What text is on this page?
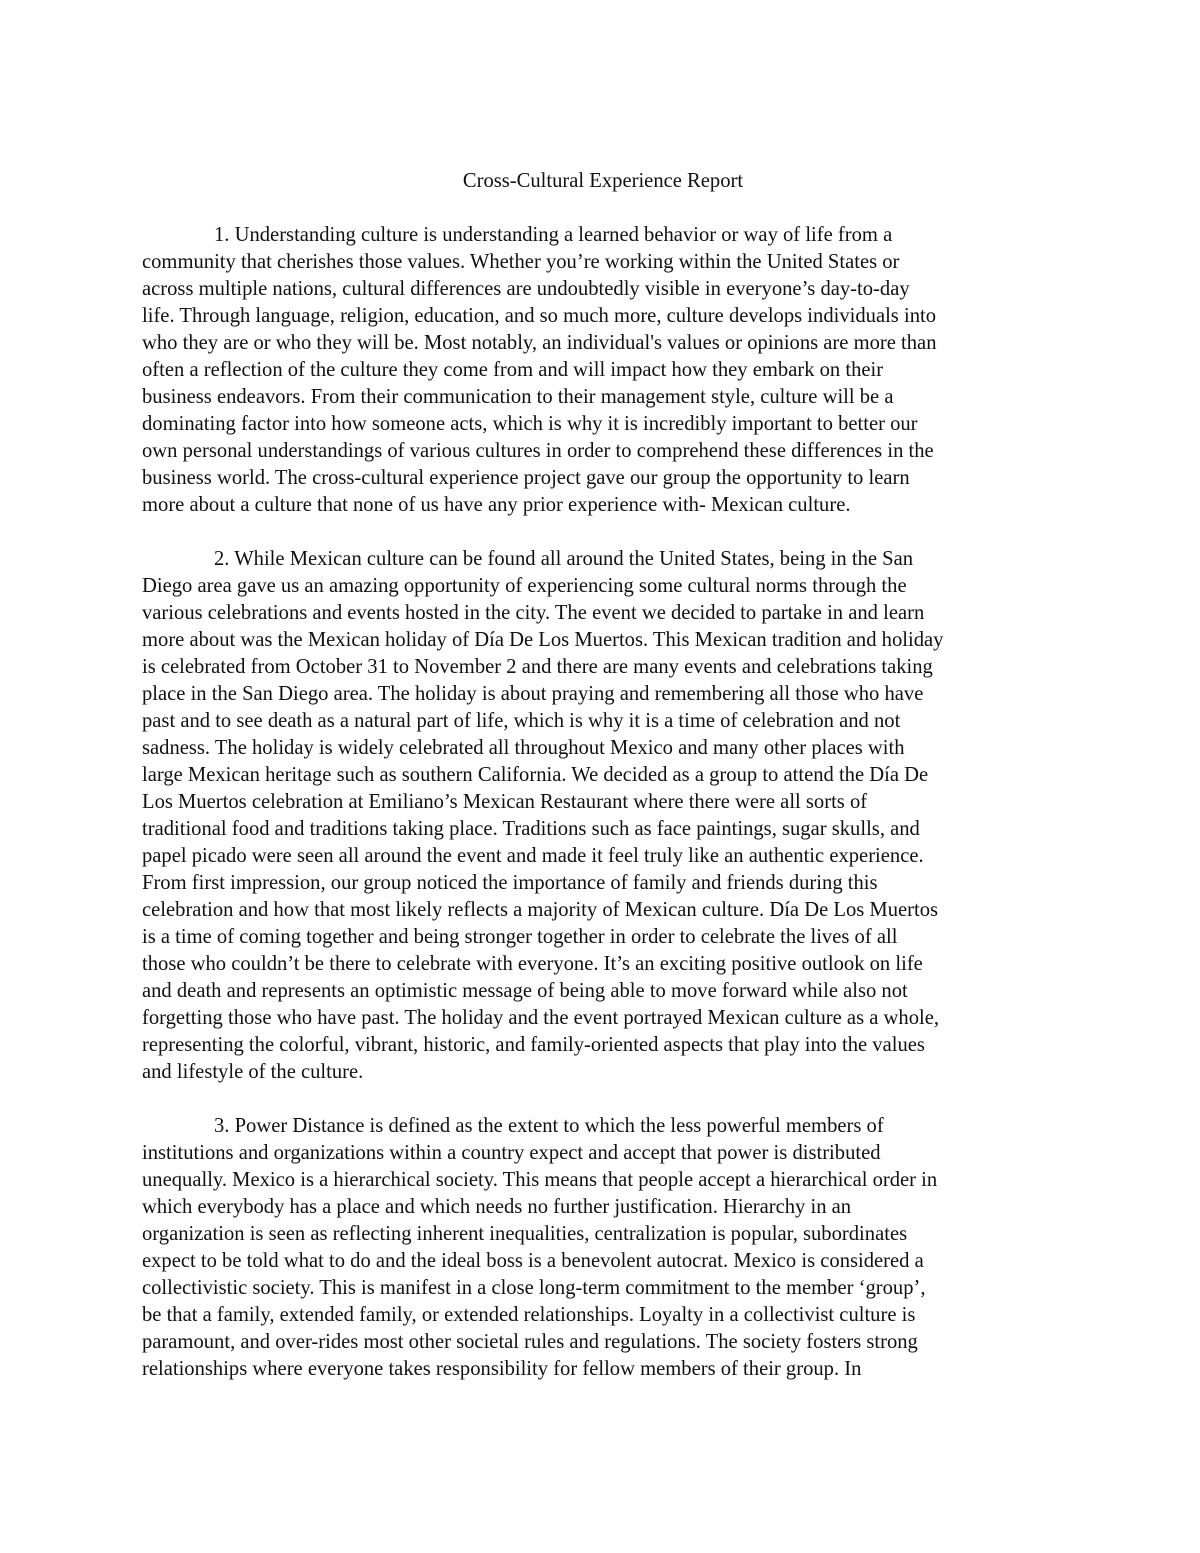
Cross-Cultural Experience Report

1. Understanding culture is understanding a learned behavior or way of life from a
community that cherishes those values. Whether you’re working within the United States or
across multiple nations, cultural differences are undoubtedly visible in everyone’s day-to-day
life. Through language, religion, education, and so much more, culture develops individuals into
who they are or who they will be. Most notably, an individual's values or opinions are more than
often a reflection of the culture they come from and will impact how they embark on their
business endeavors. From their communication to their management style, culture will be a
dominating factor into how someone acts, which is why it is incredibly important to better our
own personal understandings of various cultures in order to comprehend these differences in the
business world. The cross-cultural experience project gave our group the opportunity to learn
more about a culture that none of us have any prior experience with- Mexican culture.

2. While Mexican culture can be found all around the United States, being in the San
Diego area gave us an amazing opportunity of experiencing some cultural norms through the
various celebrations and events hosted in the city. The event we decided to partake in and learn
more about was the Mexican holiday of Día De Los Muertos. This Mexican tradition and holiday
is celebrated from October 31 to November 2 and there are many events and celebrations taking
place in the San Diego area. The holiday is about praying and remembering all those who have
past and to see death as a natural part of life, which is why it is a time of celebration and not
sadness. The holiday is widely celebrated all throughout Mexico and many other places with
large Mexican heritage such as southern California. We decided as a group to attend the Día De
Los Muertos celebration at Emiliano’s Mexican Restaurant where there were all sorts of
traditional food and traditions taking place. Traditions such as face paintings, sugar skulls, and
papel picado were seen all around the event and made it feel truly like an authentic experience.
From first impression, our group noticed the importance of family and friends during this
celebration and how that most likely reflects a majority of Mexican culture. Día De Los Muertos
is a time of coming together and being stronger together in order to celebrate the lives of all
those who couldn’t be there to celebrate with everyone. It’s an exciting positive outlook on life
and death and represents an optimistic message of being able to move forward while also not
forgetting those who have past. The holiday and the event portrayed Mexican culture as a whole,
representing the colorful, vibrant, historic, and family-oriented aspects that play into the values
and lifestyle of the culture.

3. Power Distance is defined as the extent to which the less powerful members of
institutions and organizations within a country expect and accept that power is distributed
unequally. Mexico is a hierarchical society. This means that people accept a hierarchical order in
which everybody has a place and which needs no further justification. Hierarchy in an
organization is seen as reflecting inherent inequalities, centralization is popular, subordinates
expect to be told what to do and the ideal boss is a benevolent autocrat. Mexico is considered a
collectivistic society. This is manifest in a close long-term commitment to the member ‘group’,
be that a family, extended family, or extended relationships. Loyalty in a collectivist culture is
paramount, and over-rides most other societal rules and regulations. The society fosters strong
relationships where everyone takes responsibility for fellow members of their group. In
